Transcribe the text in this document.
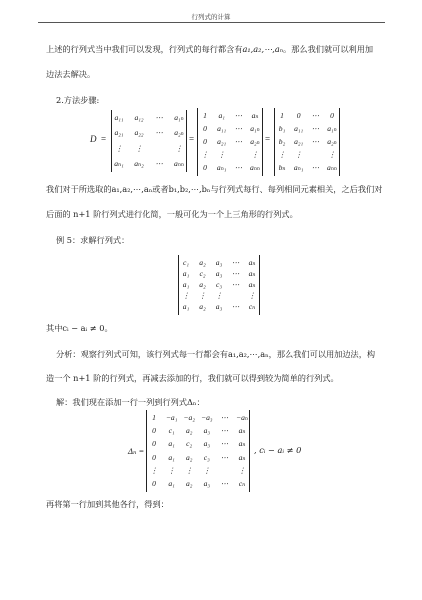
行列式的计算
上述的行列式当中我们可以发现，行列式的每行都含有a₁,a₂,⋯,aₙ。那么我们就可以利用加
边法去解决。
2.方法步骤:
D =
a₁₁ a₁₂ ⋯ a₁ₙ
a₂₁ a₂₂ ⋯ a₂ₙ
⋮ ⋮	⋮
aₙ₁ aₙ₂ ⋯ aₙₙ
=
1 a₁ ⋯ aₙ
0 a₁₁ ⋯ a₁ₙ
0 a₂₁ ⋯ a₂ₙ
⋮ ⋮	⋮
0 aₙ₁ ⋯ aₙₙ
=
1 0 ⋯ 0
b₁ a₁₁ ⋯ a₁ₙ
b₂ a₂₁ ⋯ a₂ₙ
⋮ ⋮	⋮
bₙ aₙ₁ ⋯ aₙₙ
我们对于所选取的a₁,a₂,⋯,aₙ或者b₁,b₂,⋯,bₙ与行列式每行、每列相同元素相关，之后我们对
后面的 n+1 阶行列式进行化简，一般可化为一个上三角形的行列式。
例 5：求解行列式：
c₁ a₂ a₃ ⋯ aₙ
a₁ c₂ a₃ ⋯ aₙ
a₁ a₂ c₃ ⋯ aₙ
⋮ ⋮ ⋮	⋮
a₁ a₂ a₃ ⋯ cₙ
其中cᵢ − aᵢ ≠ 0。
分析：观察行列式可知，该行列式每一行都会有a₁,a₂,⋯,aₙ，那么我们可以用加边法，构
造一个 n+1 阶的行列式，再减去添加的行，我们就可以得到较为简单的行列式。
解：我们现在添加一行一列到行列式Δₙ：
Δₙ =
1 −a₁ −a₂ −a₃ ⋯ −aₙ
0 c₁ a₂ a₃ ⋯ aₙ
0 a₁ c₂ a₃ ⋯ aₙ
0 a₁ a₂ c₃ ⋯ aₙ
⋮ ⋮ ⋮ ⋮	⋮
0 a₁ a₂ a₃ ⋯ cₙ
, cᵢ − aᵢ ≠ 0
再将第一行加到其他各行，得到：
